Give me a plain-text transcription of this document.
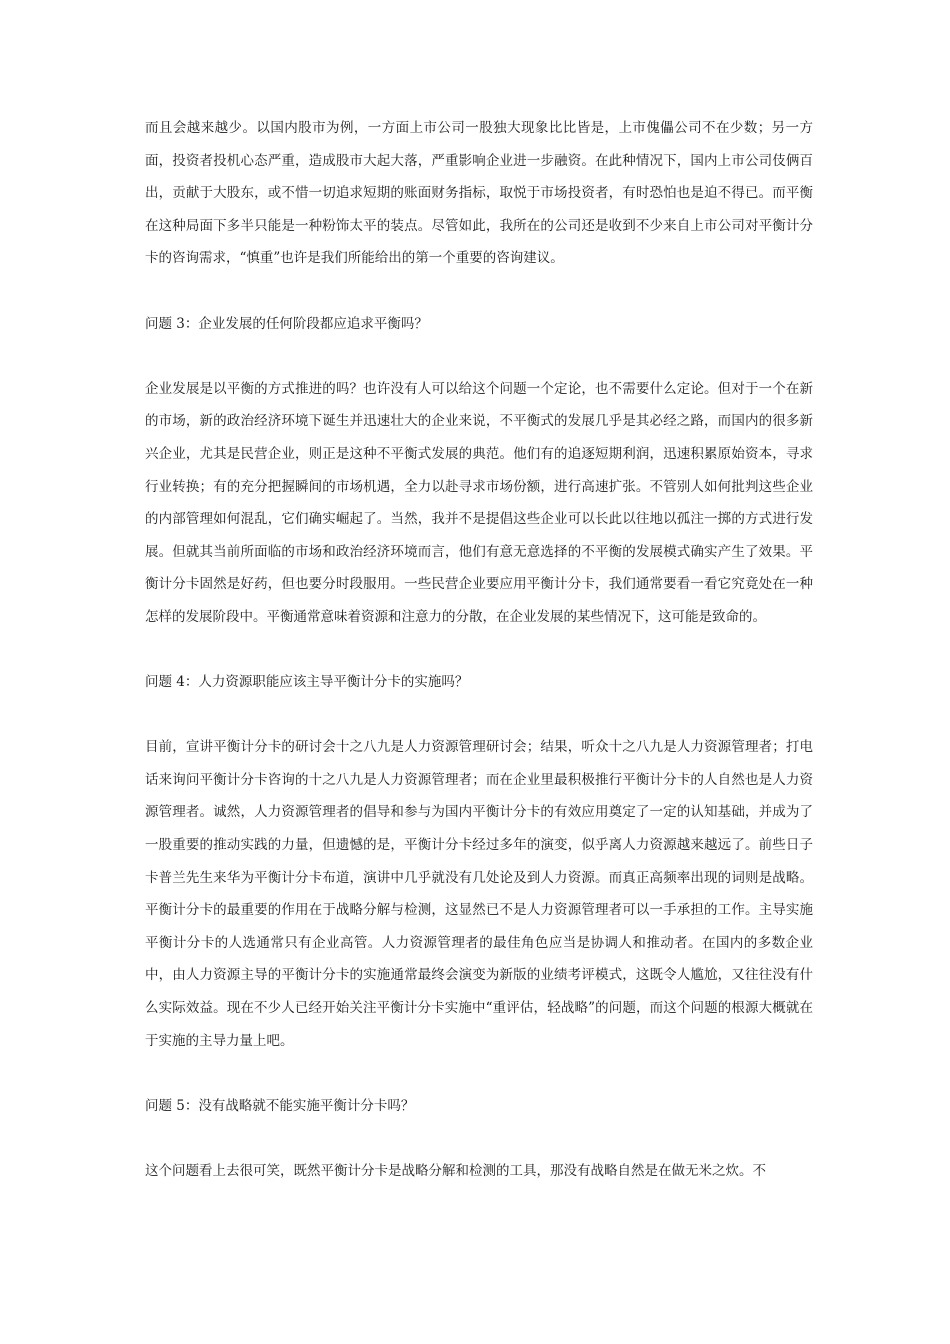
而且会越来越少。以国内股市为例，一方面上市公司一股独大现象比比皆是，上市傀儡公司不在少数；另一方面，投资者投机心态严重，造成股市大起大落，严重影响企业进一步融资。在此种情况下，国内上市公司伎俩百出，贡献于大股东，或不惜一切追求短期的账面财务指标，取悦于市场投资者，有时恐怕也是迫不得已。而平衡在这种局面下多半只能是一种粉饰太平的装点。尽管如此，我所在的公司还是收到不少来自上市公司对平衡计分卡的咨询需求，“慎重”也许是我们所能给出的第一个重要的咨询建议。

问题 3：企业发展的任何阶段都应追求平衡吗？

企业发展是以平衡的方式推进的吗？也许没有人可以给这个问题一个定论，也不需要什么定论。但对于一个在新的市场，新的政治经济环境下诞生并迅速壮大的企业来说，不平衡式的发展几乎是其必经之路，而国内的很多新兴企业，尤其是民营企业，则正是这种不平衡式发展的典范。他们有的追逐短期利润，迅速积累原始资本，寻求行业转换；有的充分把握瞬间的市场机遇，全力以赴寻求市场份额，进行高速扩张。不管别人如何批判这些企业的内部管理如何混乱，它们确实崛起了。当然，我并不是提倡这些企业可以长此以往地以孤注一掷的方式进行发展。但就其当前所面临的市场和政治经济环境而言，他们有意无意选择的不平衡的发展模式确实产生了效果。平衡计分卡固然是好药，但也要分时段服用。一些民营企业要应用平衡计分卡，我们通常要看一看它究竟处在一种怎样的发展阶段中。平衡通常意味着资源和注意力的分散，在企业发展的某些情况下，这可能是致命的。

问题 4：人力资源职能应该主导平衡计分卡的实施吗？

目前，宣讲平衡计分卡的研讨会十之八九是人力资源管理研讨会；结果，听众十之八九是人力资源管理者；打电话来询问平衡计分卡咨询的十之八九是人力资源管理者；而在企业里最积极推行平衡计分卡的人自然也是人力资源管理者。诚然，人力资源管理者的倡导和参与为国内平衡计分卡的有效应用奠定了一定的认知基础，并成为了一股重要的推动实践的力量，但遗憾的是，平衡计分卡经过多年的演变，似乎离人力资源越来越远了。前些日子卡普兰先生来华为平衡计分卡布道，演讲中几乎就没有几处论及到人力资源。而真正高频率出现的词则是战略。平衡计分卡的最重要的作用在于战略分解与检测，这显然已不是人力资源管理者可以一手承担的工作。主导实施平衡计分卡的人选通常只有企业高管。人力资源管理者的最佳角色应当是协调人和推动者。在国内的多数企业中，由人力资源主导的平衡计分卡的实施通常最终会演变为新版的业绩考评模式，这既令人尴尬，又往往没有什么实际效益。现在不少人已经开始关注平衡计分卡实施中“重评估，轻战略”的问题，而这个问题的根源大概就在于实施的主导力量上吧。

问题 5：没有战略就不能实施平衡计分卡吗？

这个问题看上去很可笑，既然平衡计分卡是战略分解和检测的工具，那没有战略自然是在做无米之炊。不
